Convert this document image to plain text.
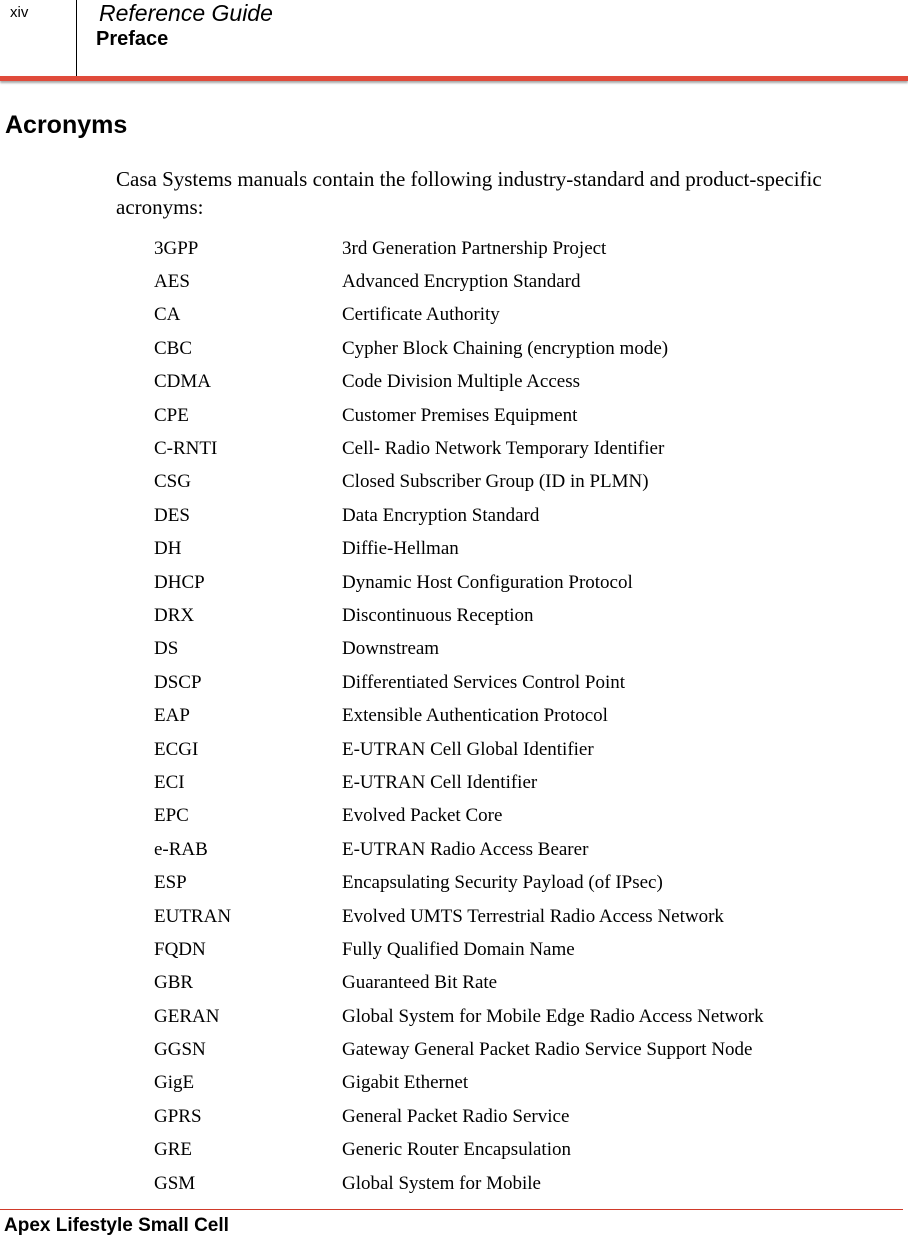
xiv	Reference Guide
Preface
Acronyms

Casa Systems manuals contain the following industry-standard and product-specific acronyms:

3GPP	3rd Generation Partnership Project
AES	Advanced Encryption Standard
CA	Certificate Authority
CBC	Cypher Block Chaining (encryption mode)
CDMA	Code Division Multiple Access
CPE	Customer Premises Equipment
C-RNTI	Cell- Radio Network Temporary Identifier
CSG	Closed Subscriber Group (ID in PLMN)
DES	Data Encryption Standard
DH	Diffie-Hellman
DHCP	Dynamic Host Configuration Protocol
DRX	Discontinuous Reception
DS	Downstream
DSCP	Differentiated Services Control Point
EAP	Extensible Authentication Protocol
ECGI	E-UTRAN Cell Global Identifier
ECI	E-UTRAN Cell Identifier
EPC	Evolved Packet Core
e-RAB	E-UTRAN Radio Access Bearer
ESP	Encapsulating Security Payload (of IPsec)
EUTRAN	Evolved UMTS Terrestrial Radio Access Network
FQDN	Fully Qualified Domain Name
GBR	Guaranteed Bit Rate
GERAN	Global System for Mobile Edge Radio Access Network
GGSN	Gateway General Packet Radio Service Support Node
GigE	Gigabit Ethernet
GPRS	General Packet Radio Service
GRE	Generic Router Encapsulation
GSM	Global System for Mobile
Apex Lifestyle Small Cell
